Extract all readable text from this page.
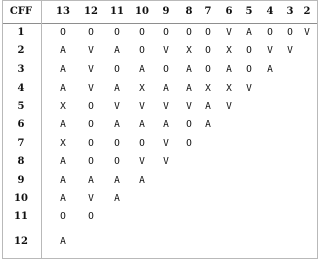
CFF 13 12 11 10 9 8 7 6 5 4 3 2
1	O O O O O O O V A O O V
2	A V A O V X O X O V V
3	A V O A O A O A O A
4	A V A X A A X X V
5	X O V V V V A V
6	A O A A A O A
7	X O O O V O
8	A O O V V
9	A A A A
10	A V A
11	O O
12	A
